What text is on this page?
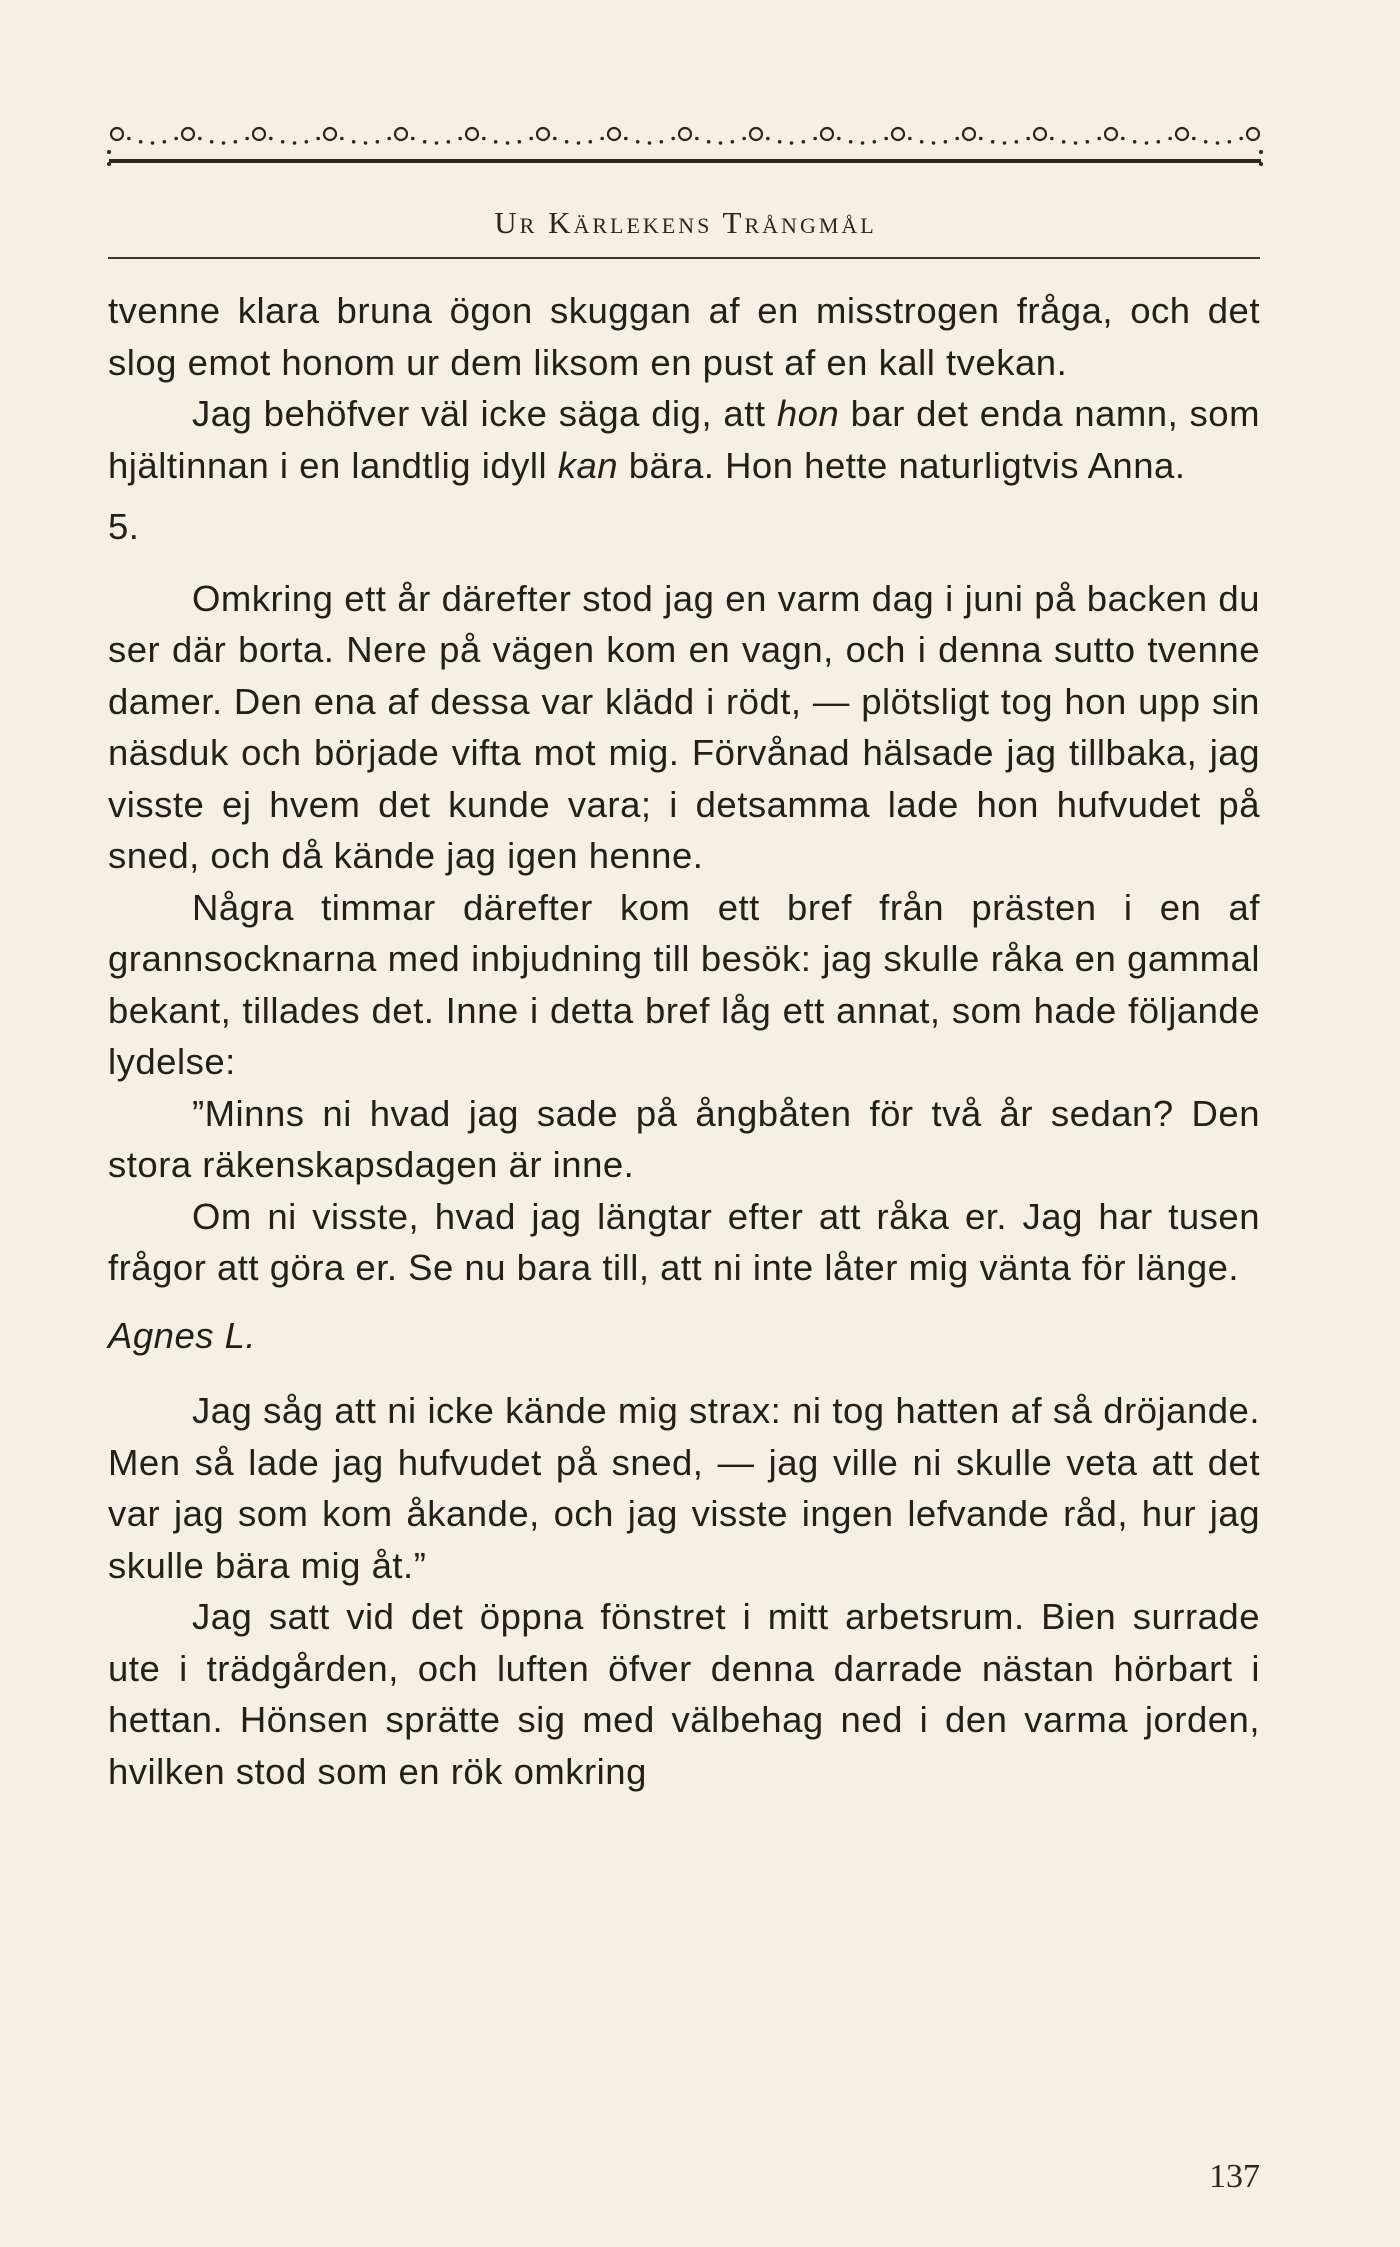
Ur Kärlekens Trångmål

tvenne klara bruna ögon skuggan af en misstrogen fråga, och det slog emot honom ur dem liksom en pust af en kall tvekan.

Jag behöfver väl icke säga dig, att hon bar det enda namn, som hjältinnan i en landtlig idyll kan bära. Hon hette naturligtvis Anna.

5.

Omkring ett år därefter stod jag en varm dag i juni på backen du ser där borta. Nere på vägen kom en vagn, och i denna sutto tvenne damer. Den ena af dessa var klädd i rödt, — plötsligt tog hon upp sin näsduk och började vifta mot mig. Förvånad hälsade jag tillbaka, jag visste ej hvem det kunde vara; i detsamma lade hon hufvudet på sned, och då kände jag igen henne.

Några timmar därefter kom ett bref från prästen i en af grannsocknarna med inbjudning till besök: jag skulle råka en gammal bekant, tillades det. Inne i detta bref låg ett annat, som hade följande lydelse:

”Minns ni hvad jag sade på ångbåten för två år sedan? Den stora räkenskapsdagen är inne.

Om ni visste, hvad jag längtar efter att råka er. Jag har tusen frågor att göra er. Se nu bara till, att ni inte låter mig vänta för länge.

Agnes L.

Jag såg att ni icke kände mig strax: ni tog hatten af så dröjande. Men så lade jag hufvudet på sned, — jag ville ni skulle veta att det var jag som kom åkande, och jag visste ingen lefvande råd, hur jag skulle bära mig åt.”

Jag satt vid det öppna fönstret i mitt arbetsrum. Bien surrade ute i trädgården, och luften öfver denna darrade nästan hörbart i hettan. Hönsen sprätte sig med välbehag ned i den varma jorden, hvilken stod som en rök omkring

137
